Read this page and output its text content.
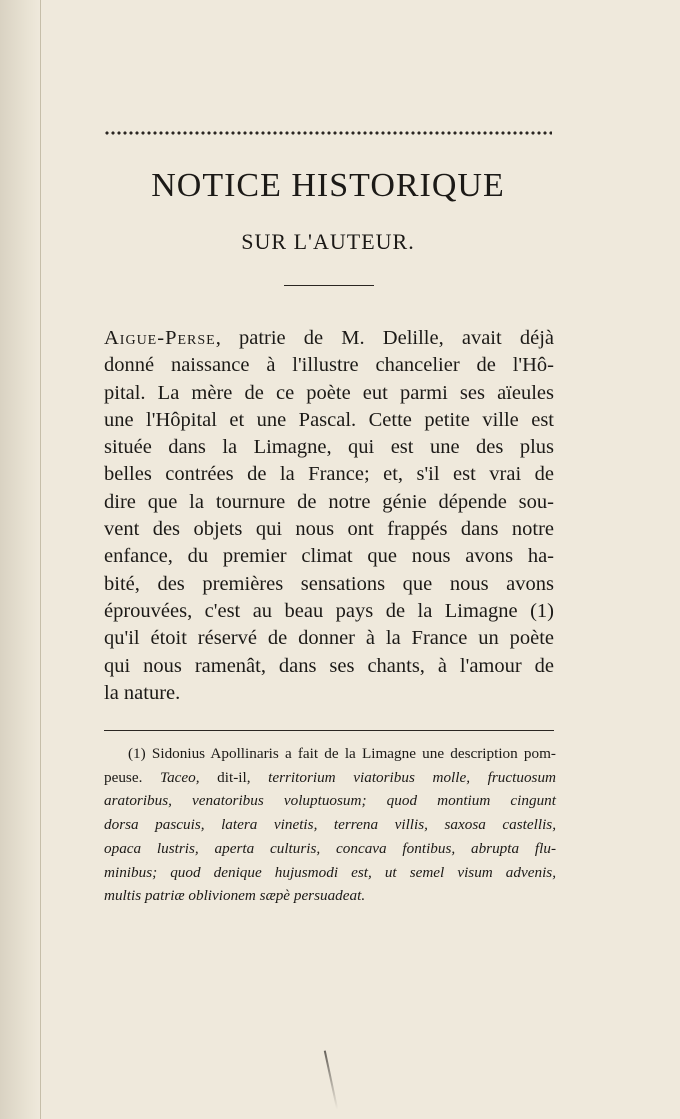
NOTICE HISTORIQUE
SUR L'AUTEUR.
Aigue-Perse, patrie de M. Delille, avait déjà
donné naissance à l'illustre chancelier de l'Hô-
pital. La mère de ce poète eut parmi ses aïeules
une l'Hôpital et une Pascal. Cette petite ville est
située dans la Limagne, qui est une des plus
belles contrées de la France; et, s'il est vrai de
dire que la tournure de notre génie dépende sou-
vent des objets qui nous ont frappés dans notre
enfance, du premier climat que nous avons ha-
bité, des premières sensations que nous avons
éprouvées, c'est au beau pays de la Limagne (1)
qu'il étoit réservé de donner à la France un poète
qui nous ramenât, dans ses chants, à l'amour de
la nature.
(1) Sidonius Apollinaris a fait de la Limagne une description pom-
peuse. Taceo, dit-il, territorium viatoribus molle, fructuosum
aratoribus, venatoribus voluptuosum; quod montium cingunt
dorsa pascuis, latera vinetis, terrena villis, saxosa castellis,
opaca lustris, aperta culturis, concava fontibus, abrupta flu-
minibus; quod denique hujusmodi est, ut semel visum advenis,
multis patriæ oblivionem sæpè persuadeat.
